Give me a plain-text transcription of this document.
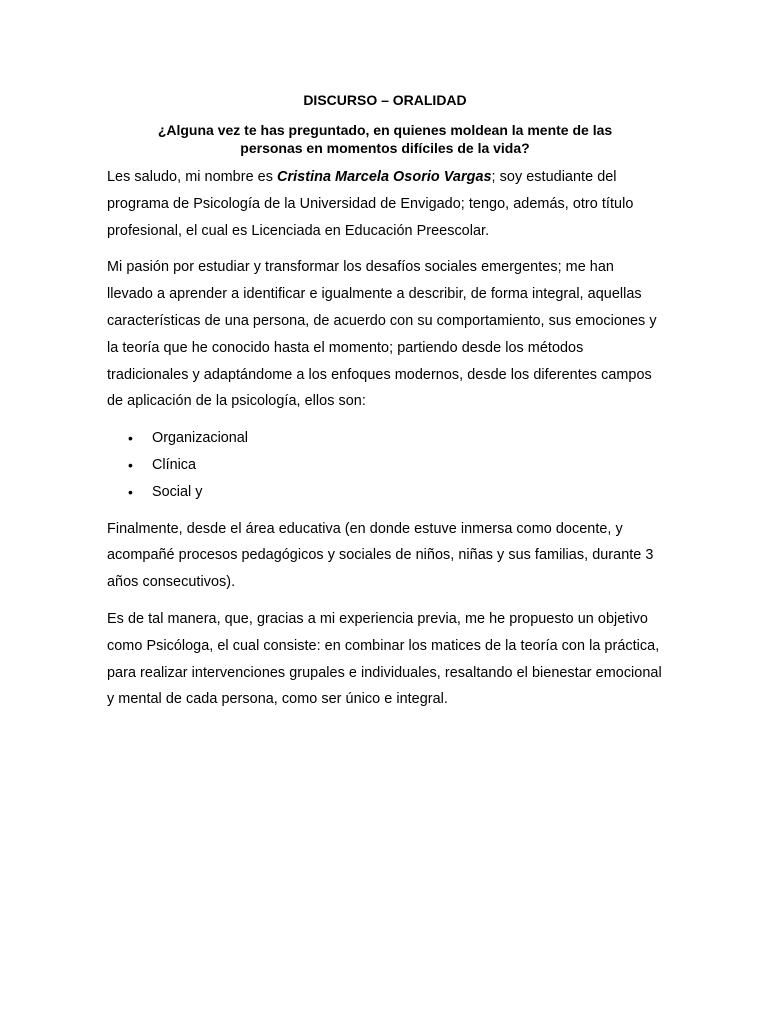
DISCURSO – ORALIDAD

¿Alguna vez te has preguntado, en quienes moldean la mente de las personas en momentos difíciles de la vida?

Les saludo, mi nombre es Cristina Marcela Osorio Vargas; soy estudiante del programa de Psicología de la Universidad de Envigado; tengo, además, otro título profesional, el cual es Licenciada en Educación Preescolar.

Mi pasión por estudiar y transformar los desafíos sociales emergentes; me han llevado a aprender a identificar e igualmente a describir, de forma integral, aquellas características de una persona, de acuerdo con su comportamiento, sus emociones y la teoría que he conocido hasta el momento; partiendo desde los métodos tradicionales y adaptándome a los enfoques modernos, desde los diferentes campos de aplicación de la psicología, ellos son:

• Organizacional
• Clínica
• Social y

Finalmente, desde el área educativa (en donde estuve inmersa como docente, y acompañé procesos pedagógicos y sociales de niños, niñas y sus familias, durante 3 años consecutivos).

Es de tal manera, que, gracias a mi experiencia previa, me he propuesto un objetivo como Psicóloga, el cual consiste: en combinar los matices de la teoría con la práctica, para realizar intervenciones grupales e individuales, resaltando el bienestar emocional y mental de cada persona, como ser único e integral.
